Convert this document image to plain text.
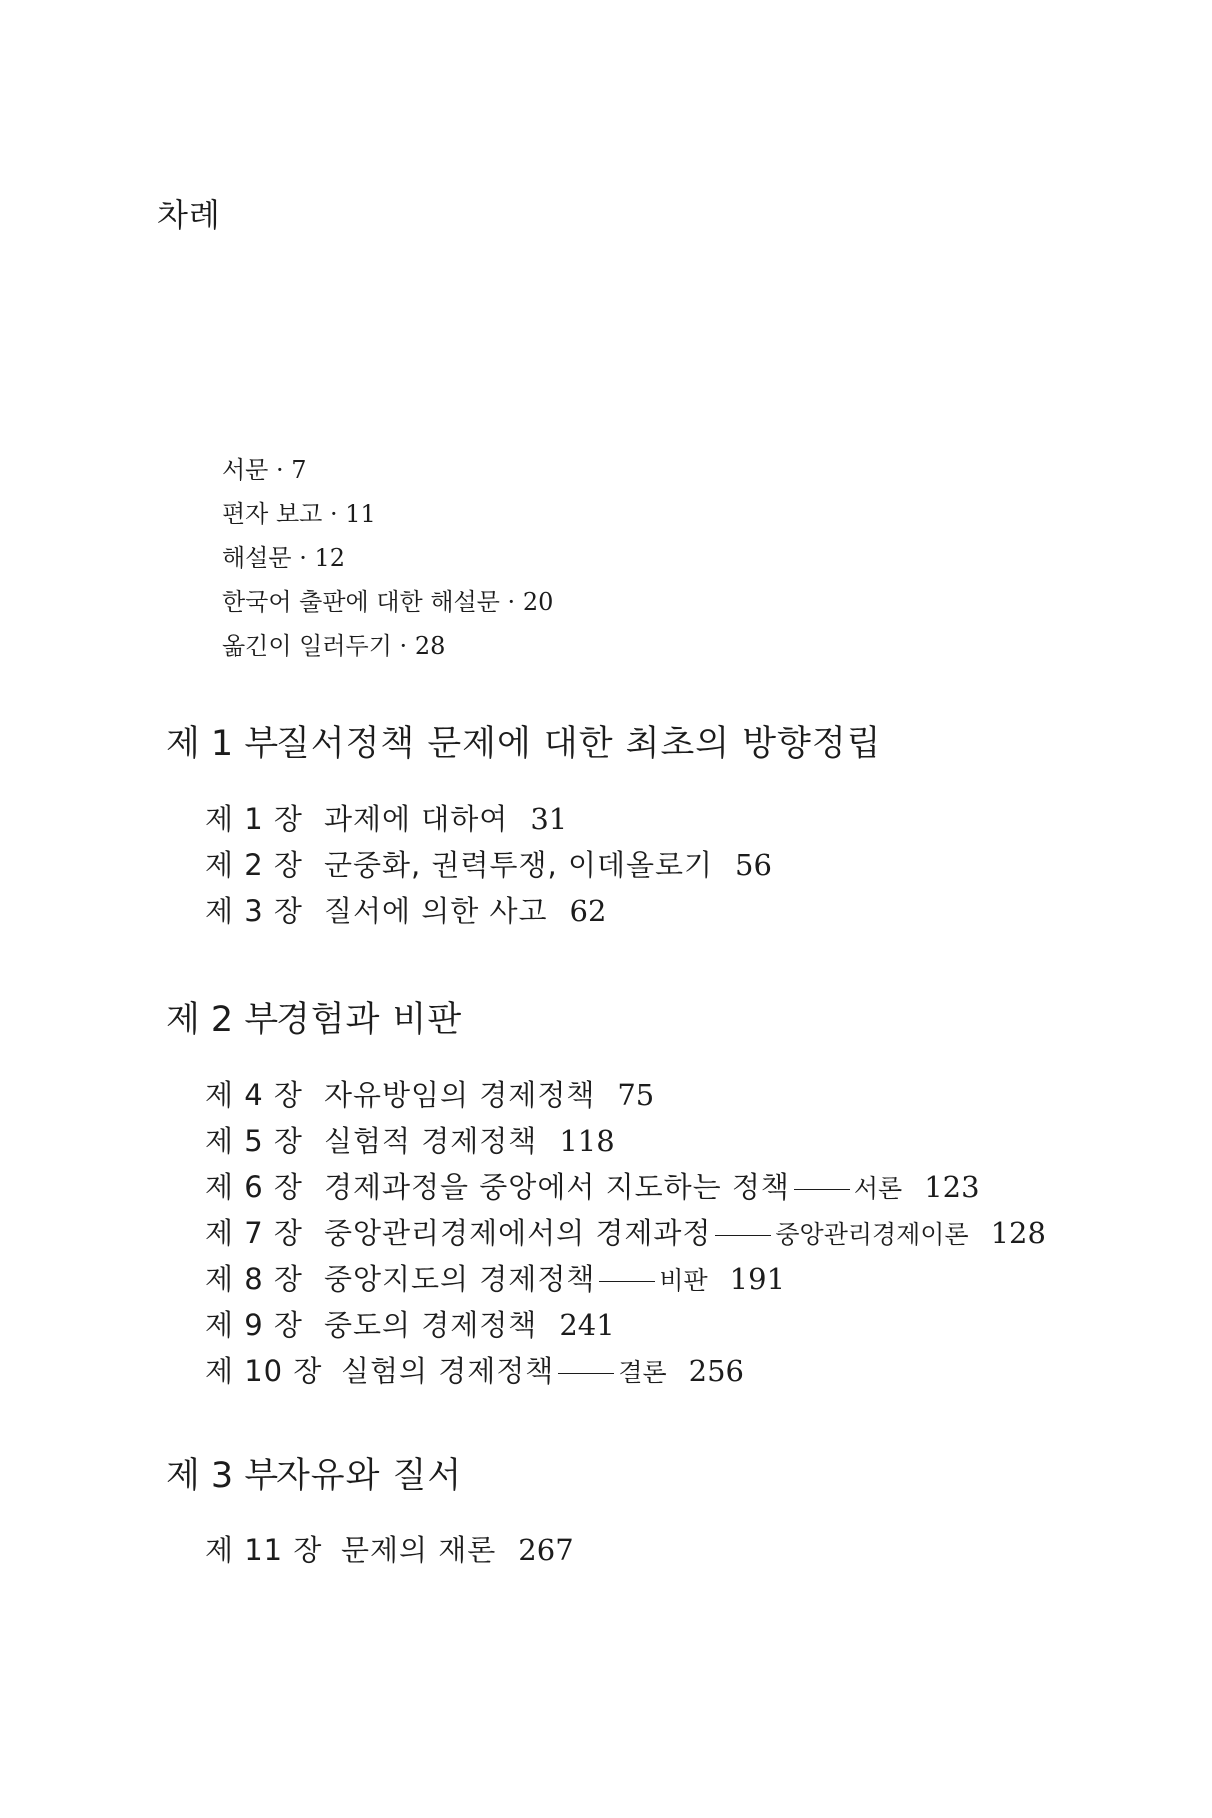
차례
서문 · 7
편자 보고 · 11
해설문 · 12
한국어 출판에 대한 해설문 · 20
옮긴이 일러두기 · 28
제 1 부질서정책 문제에 대한 최초의 방향정립
제 1 장 과제에 대하여 31
제 2 장 군중화, 권력투쟁, 이데올로기 56
제 3 장 질서에 의한 사고 62
제 2 부경험과 비판
제 4 장 자유방임의 경제정책 75
제 5 장 실험적 경제정책 118
제 6 장 경제과정을 중앙에서 지도하는 정책	서론 123
제 7 장 중앙관리경제에서의 경제과정	중앙관리경제이론 128
제 8 장 중앙지도의 경제정책	비판 191
제 9 장 중도의 경제정책 241
제 10 장 실험의 경제정책	결론 256
제 3 부자유와 질서
제 11 장 문제의 재론 267
